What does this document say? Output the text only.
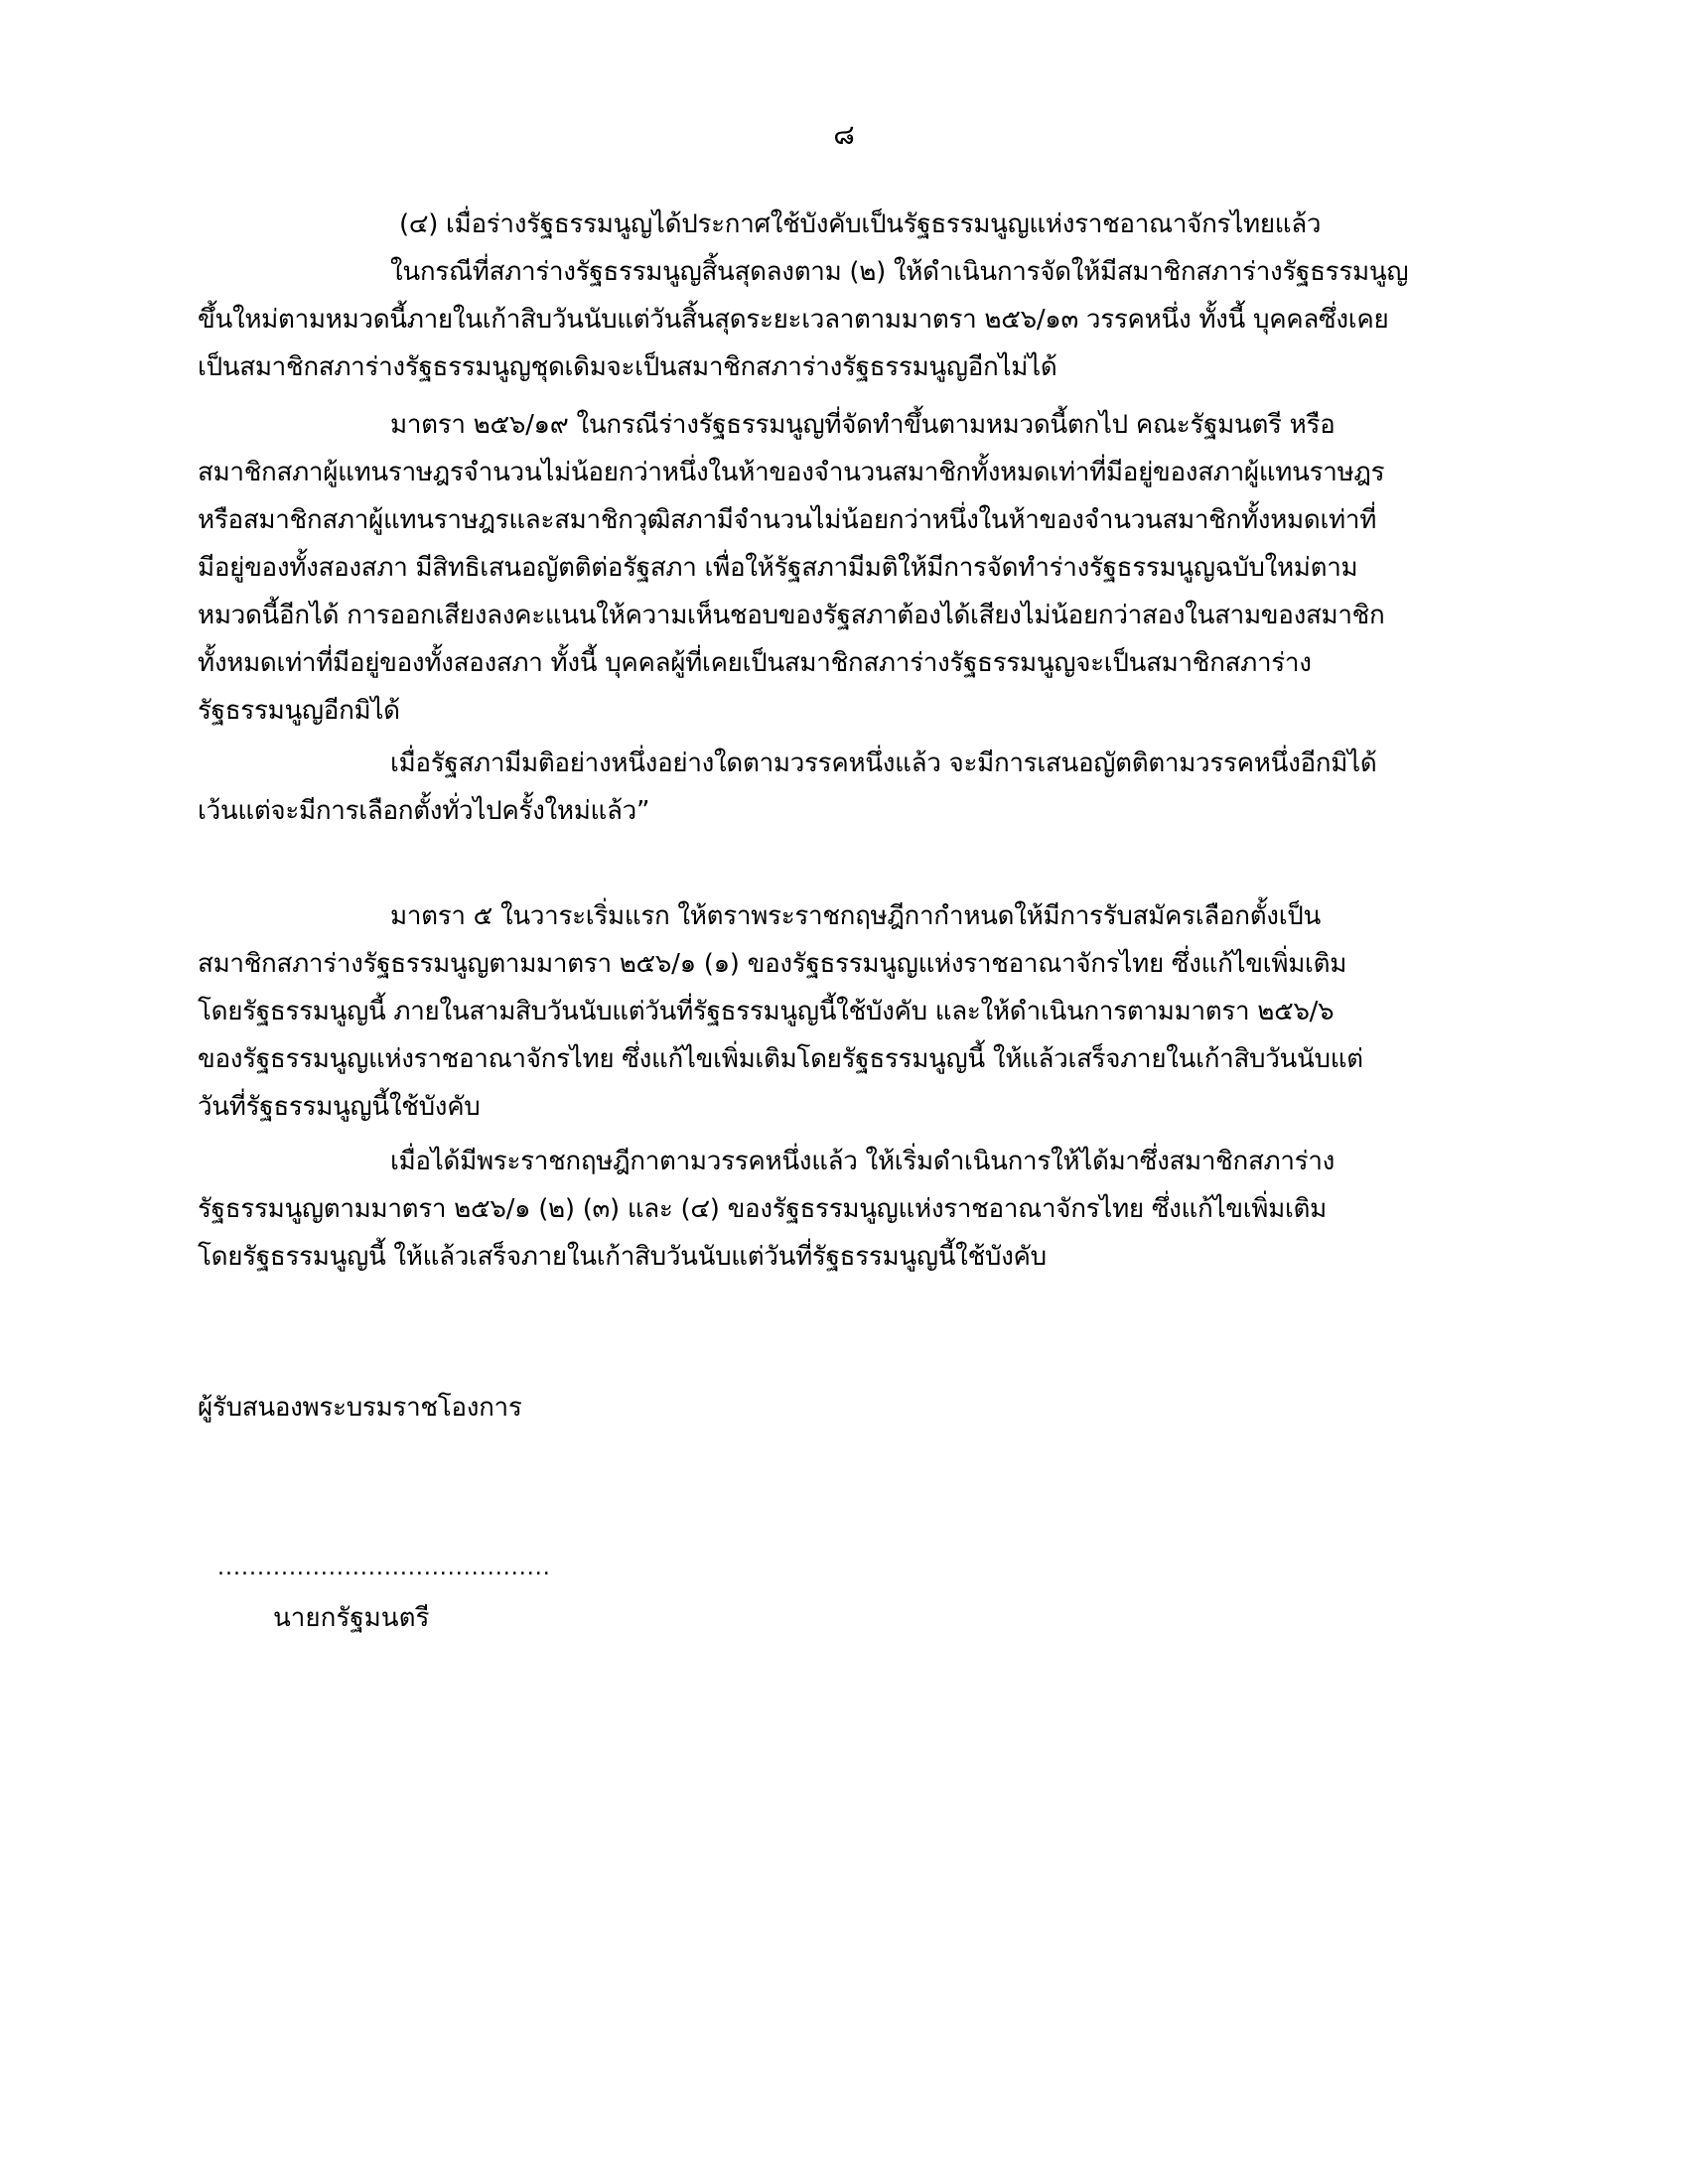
๘
(๔) เมื่อร่างรัฐธรรมนูญได้ประกาศใช้บังคับเป็นรัฐธรรมนูญแห่งราชอาณาจักรไทยแล้ว
ในกรณีที่สภาร่างรัฐธรรมนูญสิ้นสุดลงตาม (๒) ให้ดำเนินการจัดให้มีสมาชิกสภาร่างรัฐธรรมนูญ
ขึ้นใหม่ตามหมวดนี้ภายในเก้าสิบวันนับแต่วันสิ้นสุดระยะเวลาตามมาตรา ๒๕๖/๑๓ วรรคหนึ่ง ทั้งนี้ บุคคลซึ่งเคย
เป็นสมาชิกสภาร่างรัฐธรรมนูญชุดเดิมจะเป็นสมาชิกสภาร่างรัฐธรรมนูญอีกไม่ได้
มาตรา ๒๕๖/๑๙ ในกรณีร่างรัฐธรรมนูญที่จัดทำขึ้นตามหมวดนี้ตกไป คณะรัฐมนตรี หรือ
สมาชิกสภาผู้แทนราษฎรจำนวนไม่น้อยกว่าหนึ่งในห้าของจำนวนสมาชิกทั้งหมดเท่าที่มีอยู่ของสภาผู้แทนราษฎร
หรือสมาชิกสภาผู้แทนราษฎรและสมาชิกวุฒิสภามีจำนวนไม่น้อยกว่าหนึ่งในห้าของจำนวนสมาชิกทั้งหมดเท่าที่
มีอยู่ของทั้งสองสภา มีสิทธิเสนอญัตติต่อรัฐสภา เพื่อให้รัฐสภามีมติให้มีการจัดทำร่างรัฐธรรมนูญฉบับใหม่ตาม
หมวดนี้อีกได้ การออกเสียงลงคะแนนให้ความเห็นชอบของรัฐสภาต้องได้เสียงไม่น้อยกว่าสองในสามของสมาชิก
ทั้งหมดเท่าที่มีอยู่ของทั้งสองสภา ทั้งนี้ บุคคลผู้ที่เคยเป็นสมาชิกสภาร่างรัฐธรรมนูญจะเป็นสมาชิกสภาร่าง
รัฐธรรมนูญอีกมิได้
เมื่อรัฐสภามีมติอย่างหนึ่งอย่างใดตามวรรคหนึ่งแล้ว จะมีการเสนอญัตติตามวรรคหนึ่งอีกมิได้
เว้นแต่จะมีการเลือกตั้งทั่วไปครั้งใหม่แล้ว”
มาตรา ๕ ในวาระเริ่มแรก ให้ตราพระราชกฤษฎีกากำหนดให้มีการรับสมัครเลือกตั้งเป็น
สมาชิกสภาร่างรัฐธรรมนูญตามมาตรา ๒๕๖/๑ (๑) ของรัฐธรรมนูญแห่งราชอาณาจักรไทย ซึ่งแก้ไขเพิ่มเติม
โดยรัฐธรรมนูญนี้ ภายในสามสิบวันนับแต่วันที่รัฐธรรมนูญนี้ใช้บังคับ และให้ดำเนินการตามมาตรา ๒๕๖/๖
ของรัฐธรรมนูญแห่งราชอาณาจักรไทย ซึ่งแก้ไขเพิ่มเติมโดยรัฐธรรมนูญนี้ ให้แล้วเสร็จภายในเก้าสิบวันนับแต่
วันที่รัฐธรรมนูญนี้ใช้บังคับ
เมื่อได้มีพระราชกฤษฎีกาตามวรรคหนึ่งแล้ว ให้เริ่มดำเนินการให้ได้มาซึ่งสมาชิกสภาร่าง
รัฐธรรมนูญตามมาตรา ๒๕๖/๑ (๒) (๓) และ (๔) ของรัฐธรรมนูญแห่งราชอาณาจักรไทย ซึ่งแก้ไขเพิ่มเติม
โดยรัฐธรรมนูญนี้ ให้แล้วเสร็จภายในเก้าสิบวันนับแต่วันที่รัฐธรรมนูญนี้ใช้บังคับ
ผู้รับสนองพระบรมราชโองการ
..........................................
นายกรัฐมนตรี
